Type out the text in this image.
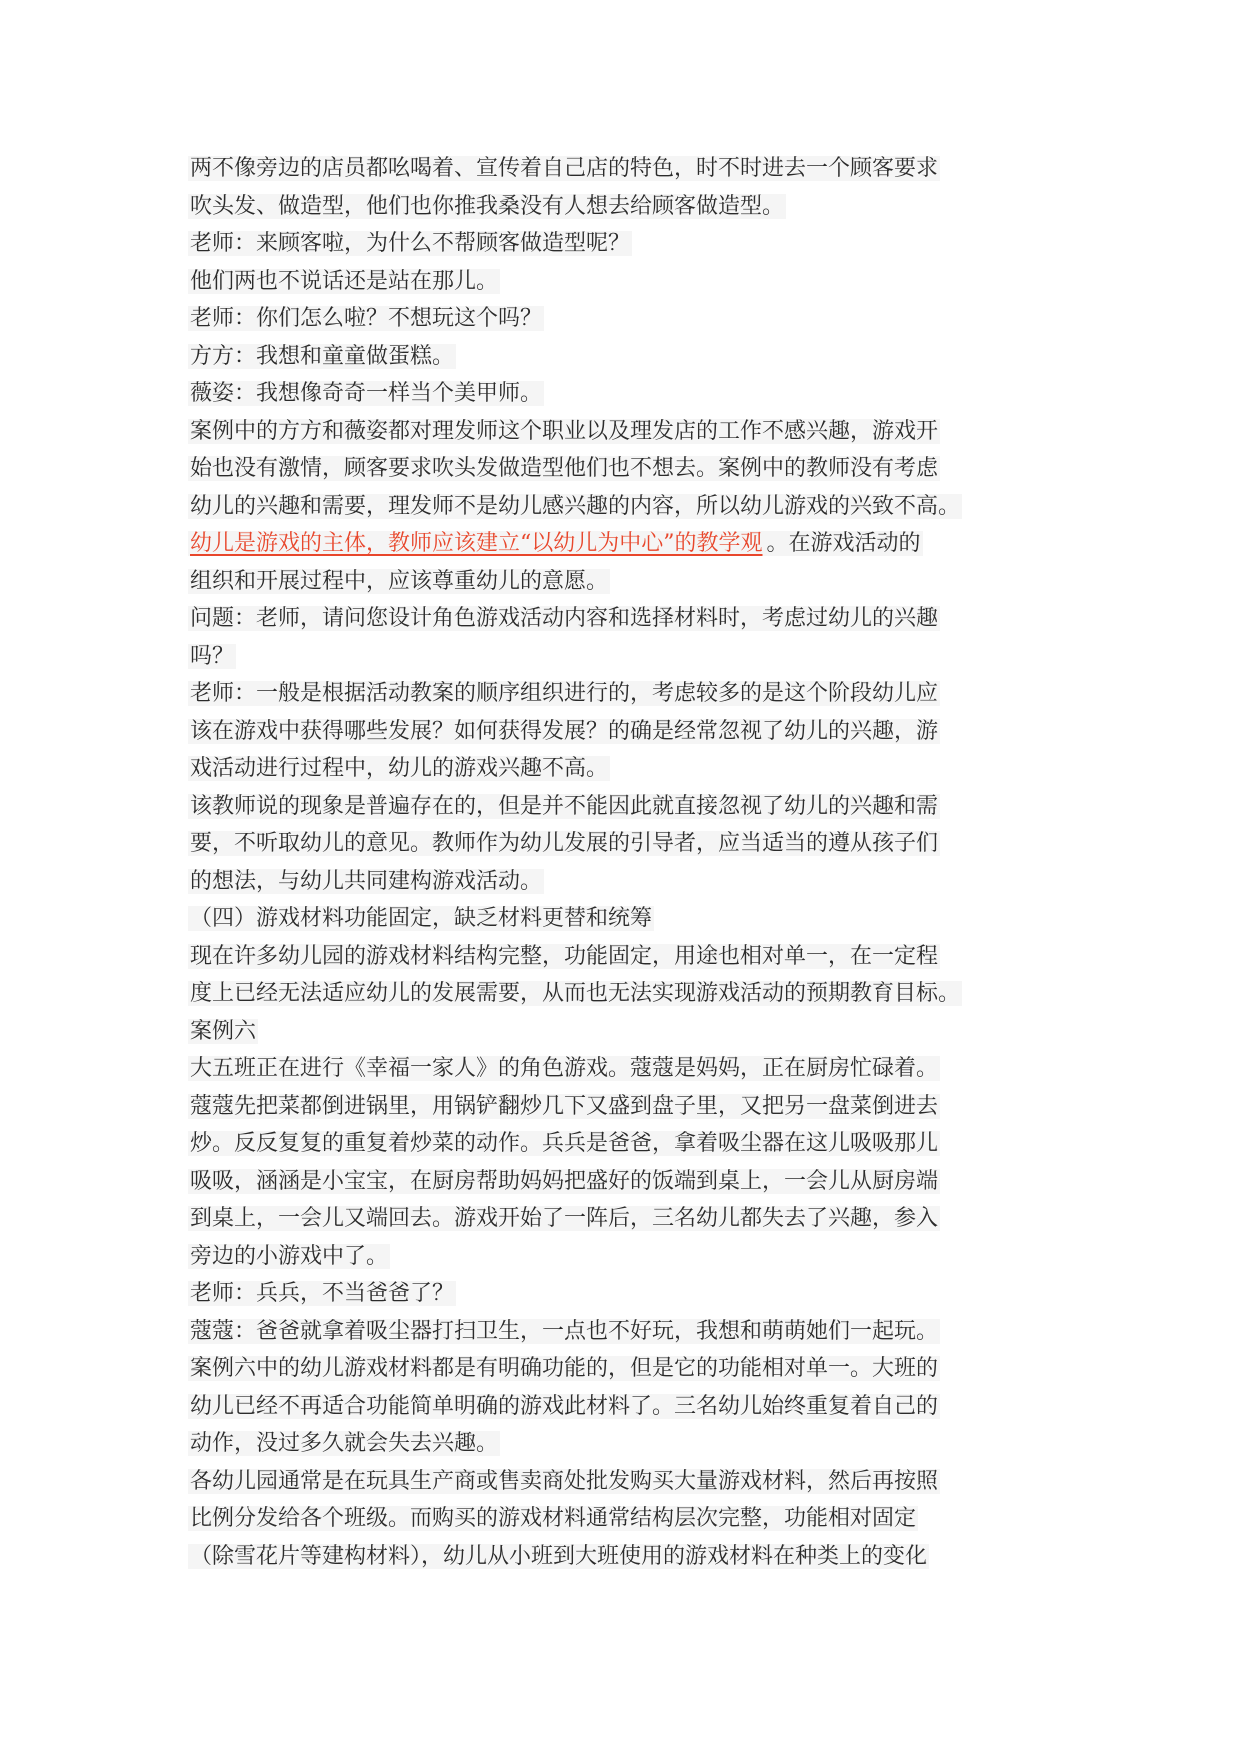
两不像旁边的店员都吆喝着、宣传着自己店的特色，时不时进去一个顾客要求
吹头发、做造型，他们也你推我桑没有人想去给顾客做造型。
老师：来顾客啦，为什么不帮顾客做造型呢？
他们两也不说话还是站在那儿。
老师：你们怎么啦？不想玩这个吗？
方方：我想和童童做蛋糕。
薇姿：我想像奇奇一样当个美甲师。
案例中的方方和薇姿都对理发师这个职业以及理发店的工作不感兴趣，游戏开
始也没有激情，顾客要求吹头发做造型他们也不想去。案例中的教师没有考虑
幼儿的兴趣和需要，理发师不是幼儿感兴趣的内容，所以幼儿游戏的兴致不高。
幼儿是游戏的主体，教师应该建立“以幼儿为中心”的教学观 。在游戏活动的
组织和开展过程中，应该尊重幼儿的意愿。
问题：老师，请问您设计角色游戏活动内容和选择材料时，考虑过幼儿的兴趣
吗？
老师：一般是根据活动教案的顺序组织进行的，考虑较多的是这个阶段幼儿应
该在游戏中获得哪些发展？如何获得发展？的确是经常忽视了幼儿的兴趣，游
戏活动进行过程中，幼儿的游戏兴趣不高。
该教师说的现象是普遍存在的，但是并不能因此就直接忽视了幼儿的兴趣和需
要，不听取幼儿的意见。教师作为幼儿发展的引导者，应当适当的遵从孩子们
的想法，与幼儿共同建构游戏活动。
（四）游戏材料功能固定，缺乏材料更替和统筹
现在许多幼儿园的游戏材料结构完整，功能固定，用途也相对单一，在一定程
度上已经无法适应幼儿的发展需要，从而也无法实现游戏活动的预期教育目标。
案例六
大五班正在进行《幸福一家人》的角色游戏。蔻蔻是妈妈，正在厨房忙碌着。
蔻蔻先把菜都倒进锅里，用锅铲翻炒几下又盛到盘子里，又把另一盘菜倒进去
炒。反反复复的重复着炒菜的动作。兵兵是爸爸，拿着吸尘器在这儿吸吸那儿
吸吸，涵涵是小宝宝，在厨房帮助妈妈把盛好的饭端到桌上，一会儿从厨房端
到桌上，一会儿又端回去。游戏开始了一阵后，三名幼儿都失去了兴趣，参入
旁边的小游戏中了。
老师：兵兵，不当爸爸了？
蔻蔻：爸爸就拿着吸尘器打扫卫生，一点也不好玩，我想和萌萌她们一起玩。
案例六中的幼儿游戏材料都是有明确功能的，但是它的功能相对单一。大班的
幼儿已经不再适合功能简单明确的游戏此材料了。三名幼儿始终重复着自己的
动作，没过多久就会失去兴趣。
各幼儿园通常是在玩具生产商或售卖商处批发购买大量游戏材料，然后再按照
比例分发给各个班级。而购买的游戏材料通常结构层次完整，功能相对固定
（除雪花片等建构材料），幼儿从小班到大班使用的游戏材料在种类上的变化
